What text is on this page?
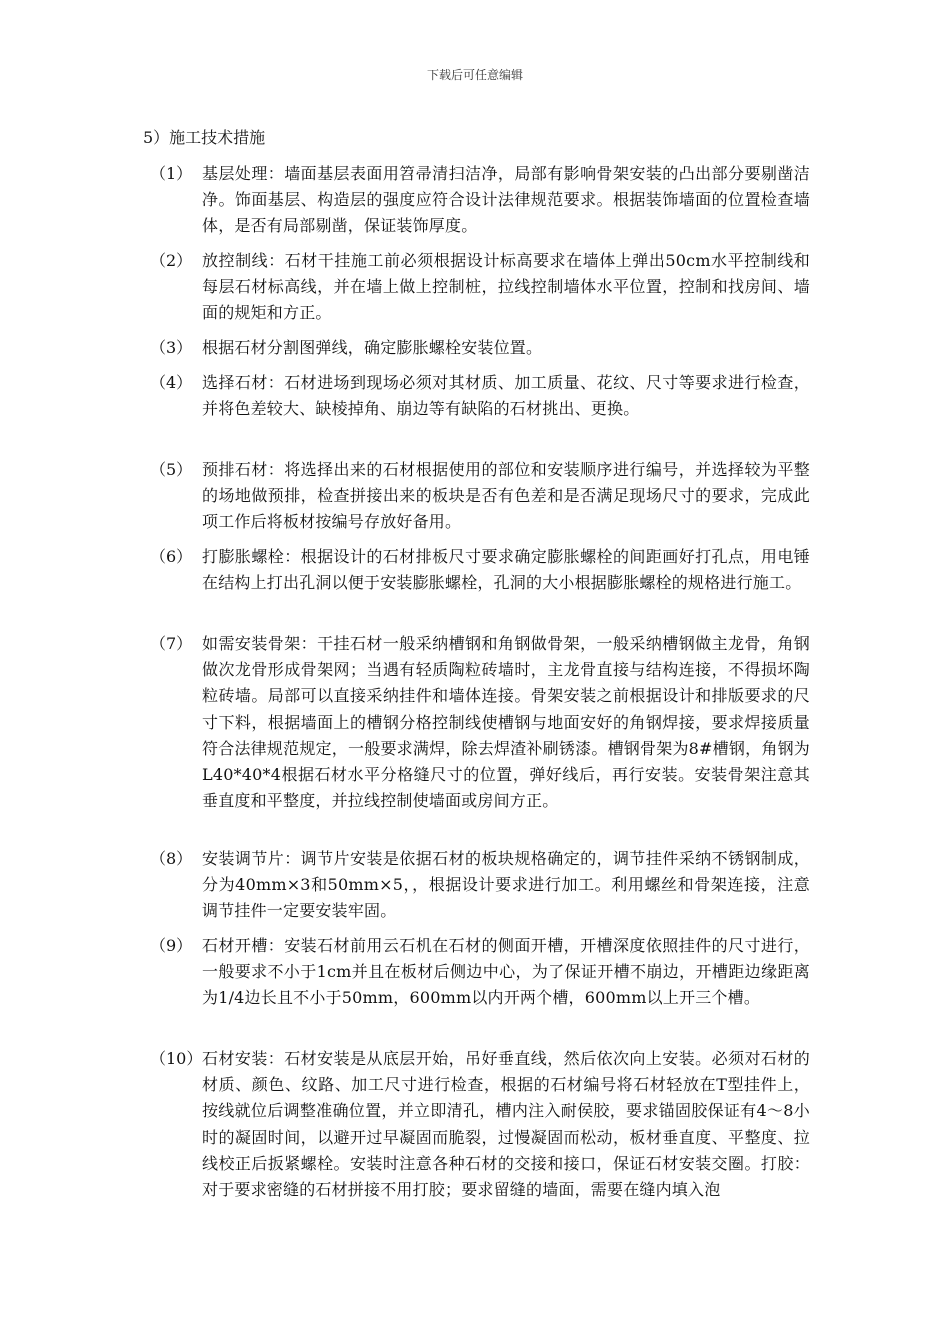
下载后可任意编辑
5）施工技术措施
（1） 基层处理：墙面基层表面用笤帚清扫洁净，局部有影响骨架安装的凸出部分要剔凿洁净。饰面基层、构造层的强度应符合设计法律规范要求。根据装饰墙面的位置检查墙体，是否有局部剔凿，保证装饰厚度。
（2） 放控制线：石材干挂施工前必须根据设计标高要求在墙体上弹出50cm水平控制线和每层石材标高线，并在墙上做上控制桩，拉线控制墙体水平位置，控制和找房间、墙面的规矩和方正。
（3） 根据石材分割图弹线，确定膨胀螺栓安装位置。
（4） 选择石材：石材进场到现场必须对其材质、加工质量、花纹、尺寸等要求进行检查，并将色差较大、缺棱掉角、崩边等有缺陷的石材挑出、更换。
（5） 预排石材：将选择出来的石材根据使用的部位和安装顺序进行编号，并选择较为平整的场地做预排，检查拼接出来的板块是否有色差和是否满足现场尺寸的要求，完成此项工作后将板材按编号存放好备用。
（6） 打膨胀螺栓：根据设计的石材排板尺寸要求确定膨胀螺栓的间距画好打孔点，用电锤在结构上打出孔洞以便于安装膨胀螺栓，孔洞的大小根据膨胀螺栓的规格进行施工。
（7） 如需安装骨架：干挂石材一般采纳槽钢和角钢做骨架，一般采纳槽钢做主龙骨，角钢做次龙骨形成骨架网；当遇有轻质陶粒砖墙时，主龙骨直接与结构连接，不得损坏陶粒砖墙。局部可以直接采纳挂件和墙体连接。骨架安装之前根据设计和排版要求的尺寸下料，根据墙面上的槽钢分格控制线使槽钢与地面安好的角钢焊接，要求焊接质量符合法律规范规定，一般要求满焊，除去焊渣补刷锈漆。槽钢骨架为8#槽钢，角钢为L40*40*4根据石材水平分格缝尺寸的位置，弹好线后，再行安装。安装骨架注意其垂直度和平整度，并拉线控制使墙面或房间方正。
（8） 安装调节片：调节片安装是依据石材的板块规格确定的，调节挂件采纳不锈钢制成，分为40mm×3和50mm×5，，根据设计要求进行加工。利用螺丝和骨架连接，注意调节挂件一定要安装牢固。
（9） 石材开槽：安装石材前用云石机在石材的侧面开槽，开槽深度依照挂件的尺寸进行，一般要求不小于1cm并且在板材后侧边中心，为了保证开槽不崩边，开槽距边缘距离为1/4边长且不小于50mm，600mm以内开两个槽，600mm以上开三个槽。
（10） 石材安装：石材安装是从底层开始，吊好垂直线，然后依次向上安装。必须对石材的材质、颜色、纹路、加工尺寸进行检查，根据的石材编号将石材轻放在T型挂件上，按线就位后调整准确位置，并立即清孔，槽内注入耐侯胶，要求锚固胶保证有4～8小时的凝固时间，以避开过早凝固而脆裂，过慢凝固而松动，板材垂直度、平整度、拉线校正后扳紧螺栓。安装时注意各种石材的交接和接口，保证石材安装交圈。打胶：对于要求密缝的石材拼接不用打胶；要求留缝的墙面，需要在缝内填入泡
